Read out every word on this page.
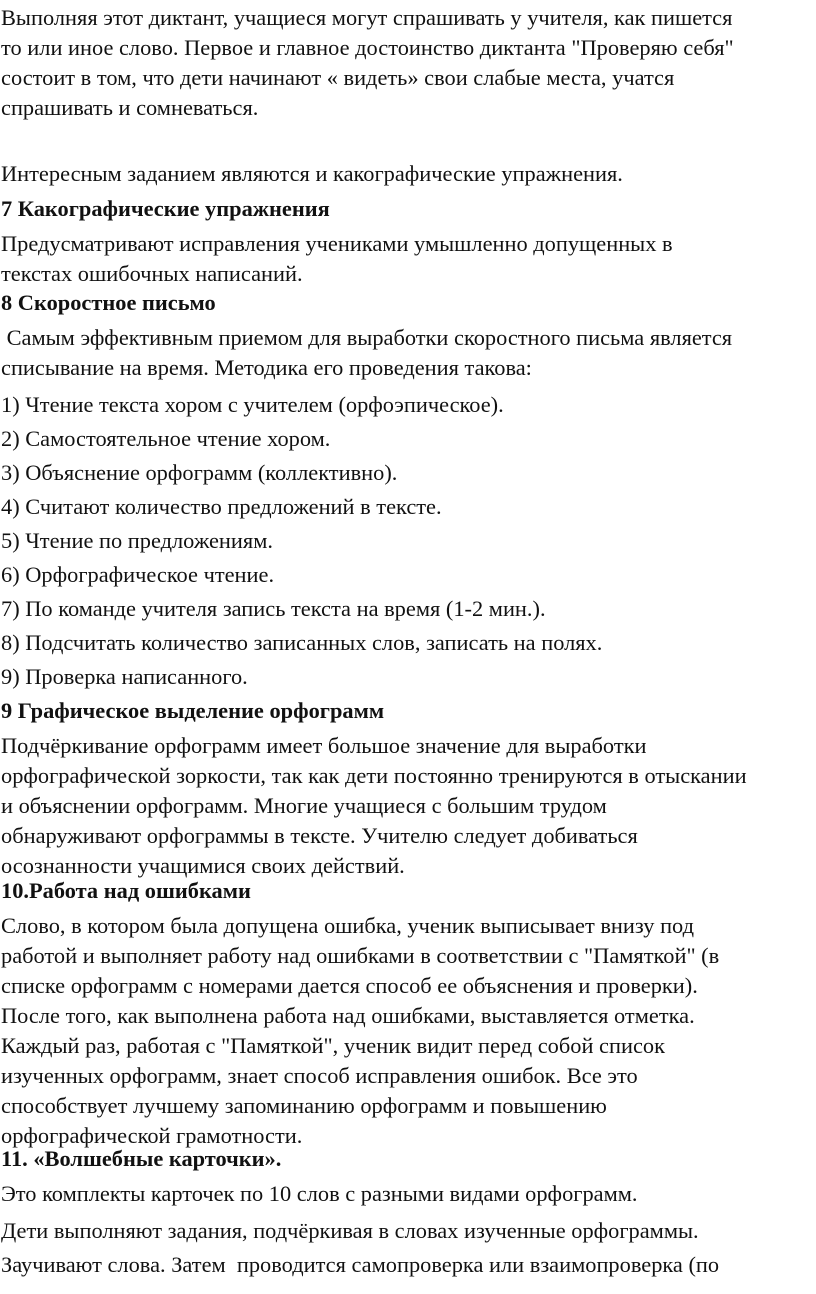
Выполняя этот диктант, учащиеся могут спрашивать у учителя, как пишется
то или иное слово. Первое и главное достоинство диктанта "Проверяю себя"
состоит в том, что дети начинают « видеть» свои слабые места, учатся
спрашивать и сомневаться.
Интересным заданием являются и какографические упражнения.
7 Какографические упражнения
Предусматривают исправления учениками умышленно допущенных в
текстах ошибочных написаний.
8 Скоростное письмо
Самым эффективным приемом для выработки скоростного письма является
списывание на время. Методика его проведения такова:
1) Чтение текста хором с учителем (орфоэпическое).
2) Самостоятельное чтение хором.
3) Объяснение орфограмм (коллективно).
4) Считают количество предложений в тексте.
5) Чтение по предложениям.
6) Орфографическое чтение.
7) По команде учителя запись текста на время (1-2 мин.).
8) Подсчитать количество записанных слов, записать на полях.
9) Проверка написанного.
9 Графическое выделение орфограмм
Подчёркивание орфограмм имеет большое значение для выработки
орфографической зоркости, так как дети постоянно тренируются в отыскании
и объяснении орфограмм. Многие учащиеся с большим трудом
обнаруживают орфограммы в тексте. Учителю следует добиваться
осознанности учащимися своих действий.
10.Работа над ошибками
Слово, в котором была допущена ошибка, ученик выписывает внизу под
работой и выполняет работу над ошибками в соответствии с "Памяткой" (в
списке орфограмм с номерами дается способ ее объяснения и проверки).
После того, как выполнена работа над ошибками, выставляется отметка.
Каждый раз, работая с "Памяткой", ученик видит перед собой список
изученных орфограмм, знает способ исправления ошибок. Все это
способствует лучшему запоминанию орфограмм и повышению
орфографической грамотности.
11. «Волшебные карточки».
Это комплекты карточек по 10 слов с разными видами орфограмм.
Дети выполняют задания, подчёркивая в словах изученные орфограммы.
Заучивают слова. Затем  проводится самопроверка или взаимопроверка (по
